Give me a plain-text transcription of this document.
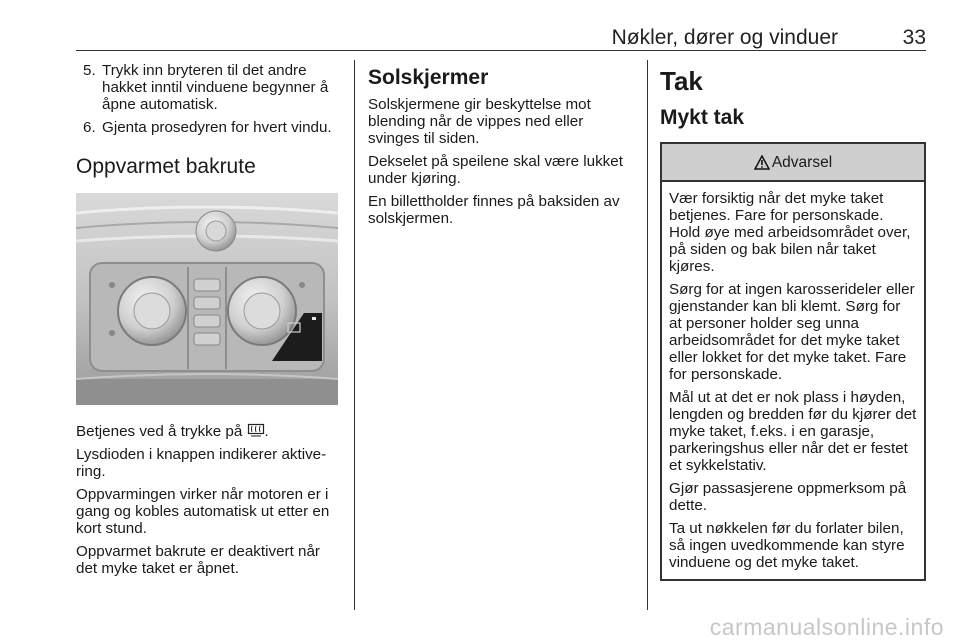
Nøkler, dører og vinduer	33
5. Trykk inn bryteren til det andre hakket inntil vinduene begynner å åpne automatisk.
6. Gjenta prosedyren for hvert vindu.
Oppvarmet bakrute

Betjenes ved å trykke på .

Lysdioden i knappen indikerer aktivering.

Oppvarmingen virker når motoren er i gang og kobles automatisk ut etter en kort stund.

Oppvarmet bakrute er deaktivert når det myke taket er åpnet.

Solskjermer

Solskjermene gir beskyttelse mot blending når de vippes ned eller svinges til siden.

Dekselet på speilene skal være lukket under kjøring.

En billettholder finnes på baksiden av solskjermen.

Tak
Mykt tak
Advarsel

Vær forsiktig når det myke taket betjenes. Fare for personskade. Hold øye med arbeidsområdet over, på siden og bak bilen når taket kjøres.

Sørg for at ingen karosserideler eller gjenstander kan bli klemt. Sørg for at personer holder seg unna arbeidsområdet for det myke taket eller lokket for det myke taket. Fare for personskade.

Mål ut at det er nok plass i høyden, lengden og bredden før du kjører det myke taket, f.eks. i en garasje, parkeringshus eller når det er festet et sykkelstativ.

Gjør passasjerene oppmerksom på dette.

Ta ut nøkkelen før du forlater bilen, så ingen uvedkommende kan styre vinduene og det myke taket.

carmanualsonline.info
